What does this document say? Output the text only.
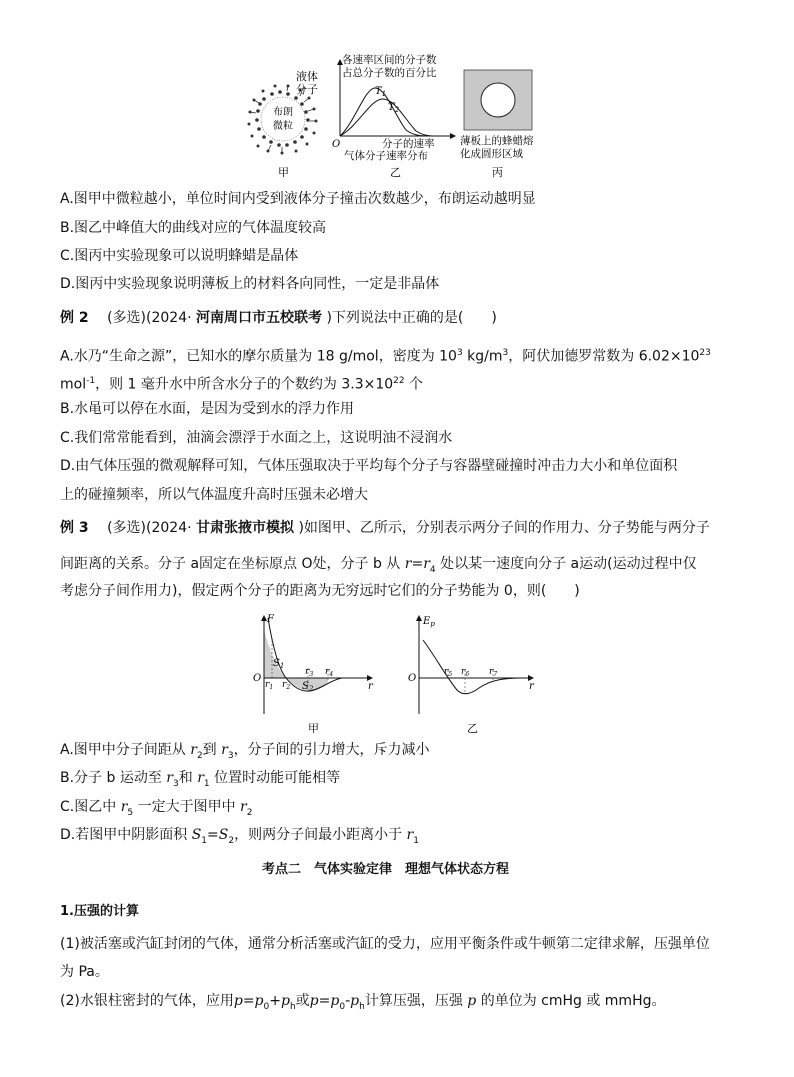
布朗
微粒
液体
分子
甲
各速率区间的分子数
占总分子数的百分比
$T_1$
$T_2$
O	分子的速率
气体分子速率分布
乙
薄板上的蜂蜡熔
化成圆形区域
丙
A.图甲中微粒越小，单位时间内受到液体分子撞击次数越少，布朗运动越明显
B.图乙中峰值大的曲线对应的气体温度较高
C.图丙中实验现象可以说明蜂蜡是晶体
D.图丙中实验现象说明薄板上的材料各向同性，一定是非晶体
例 2　 (多选)(2024· 河南周口市五校联考 )下列说法中正确的是(　　)
A.水乃“生命之源”，已知水的摩尔质量为 18 g/mol，密度为 $10^3$ $kg/m^3$，阿伏加德罗常数为 $6.02\times 10^{23}$
mol$^{-1}$，则 1 毫升水中所含水分子的个数约为 $3.3\times 10^{22}$ 个
B.水黾可以停在水面，是因为受到水的浮力作用
C.我们常常能看到，油滴会漂浮于水面之上，这说明油不浸润水
D.由气体压强的微观解释可知，气体压强取决于平均每个分子与容器壁碰撞时冲击力大小和单位面积
上的碰撞频率，所以气体温度升高时压强未必增大
例 3　 (多选)(2024· 甘肃张掖市模拟 )如图甲、乙所示，分别表示两分子间的作用力、分子势能与两分子
间距离的关系。分子 a固定在坐标原点 O处，分子 b 从 $r=r_4$ 处以某一速度向分子 a运动(运动过程中仅
考虑分子间作用力)，假定两个分子的距离为无穷远时它们的分子势能为 0，则(　　)
F
O
r
$S_1$
$S_2$
$r_1$ $r_2$
$r_3$ $r_4$
甲
$E_p$
O
r
$r_5$ $r_6$ $r_7$
乙
A.图甲中分子间距从 $r_2$到 $r_3$，分子间的引力增大，斥力减小
B.分子 b 运动至 $r_3$和 $r_1$ 位置时动能可能相等
C.图乙中 $r_5$ 一定大于图甲中 $r_2$
D.若图甲中阴影面积 $S_1=S_2$，则两分子间最小距离小于 $r_1$
考点二　气体实验定律　理想气体状态方程
1.压强的计算
(1)被活塞或汽缸封闭的气体，通常分析活塞或汽缸的受力，应用平衡条件或牛顿第二定律求解，压强单位
为 Pa。
(2)水银柱密封的气体，应用$p=p_0+p_h$或$p=p_0-p_h$计算压强，压强 p 的单位为 cmHg 或 mmHg。
